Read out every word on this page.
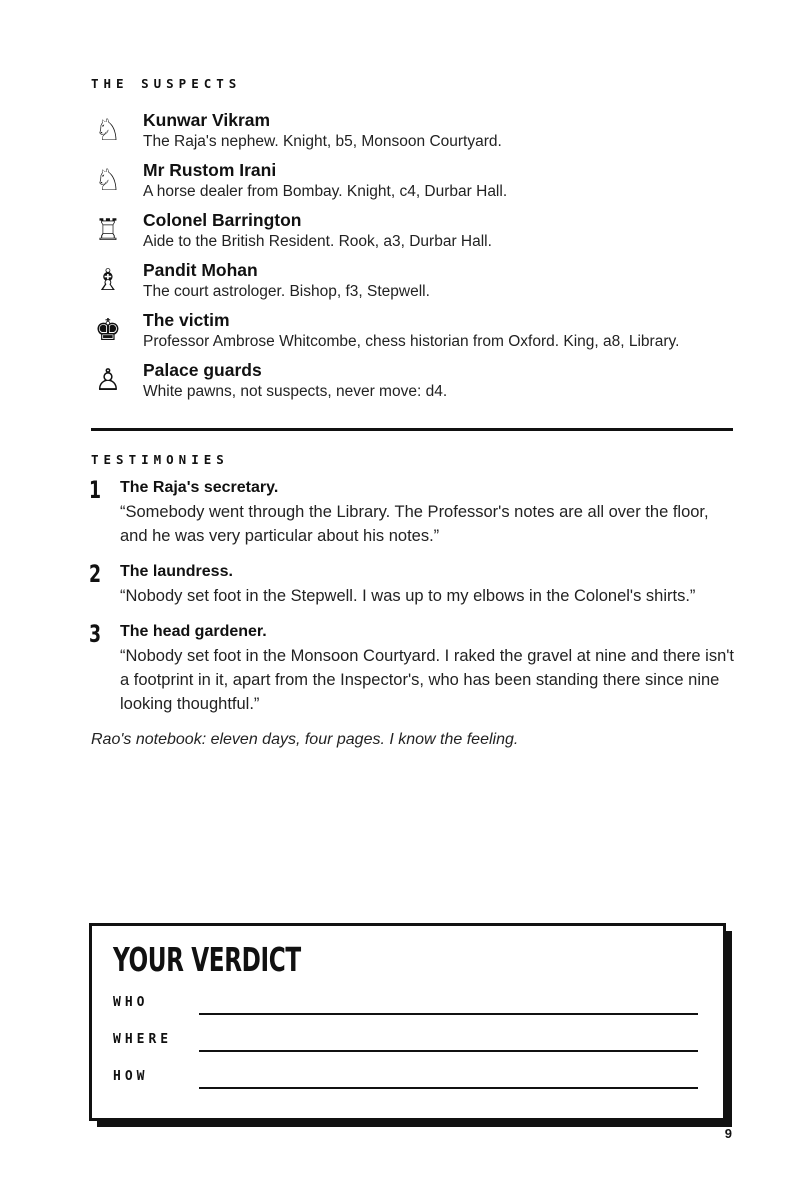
THE SUSPECTS
♘ Kunwar Vikram
The Raja's nephew. Knight, b5, Monsoon Courtyard.
♘ Mr Rustom Irani
A horse dealer from Bombay. Knight, c4, Durbar Hall.
♖ Colonel Barrington
Aide to the British Resident. Rook, a3, Durbar Hall.
♗ Pandit Mohan
The court astrologer. Bishop, f3, Stepwell.
♚ The victim
Professor Ambrose Whitcombe, chess historian from Oxford. King, a8, Library.
♙ Palace guards
White pawns, not suspects, never move: d4.
TESTIMONIES
1 The Raja's secretary.
“Somebody went through the Library. The Professor's notes are all over the floor, and he was very particular about his notes.”
2 The laundress.
“Nobody set foot in the Stepwell. I was up to my elbows in the Colonel's shirts.”
3 The head gardener.
“Nobody set foot in the Monsoon Courtyard. I raked the gravel at nine and there isn't a footprint in it, apart from the Inspector's, who has been standing there since nine looking thoughtful.”
Rao's notebook: eleven days, four pages. I know the feeling.
YOUR VERDICT
WHO
WHERE
HOW
9
